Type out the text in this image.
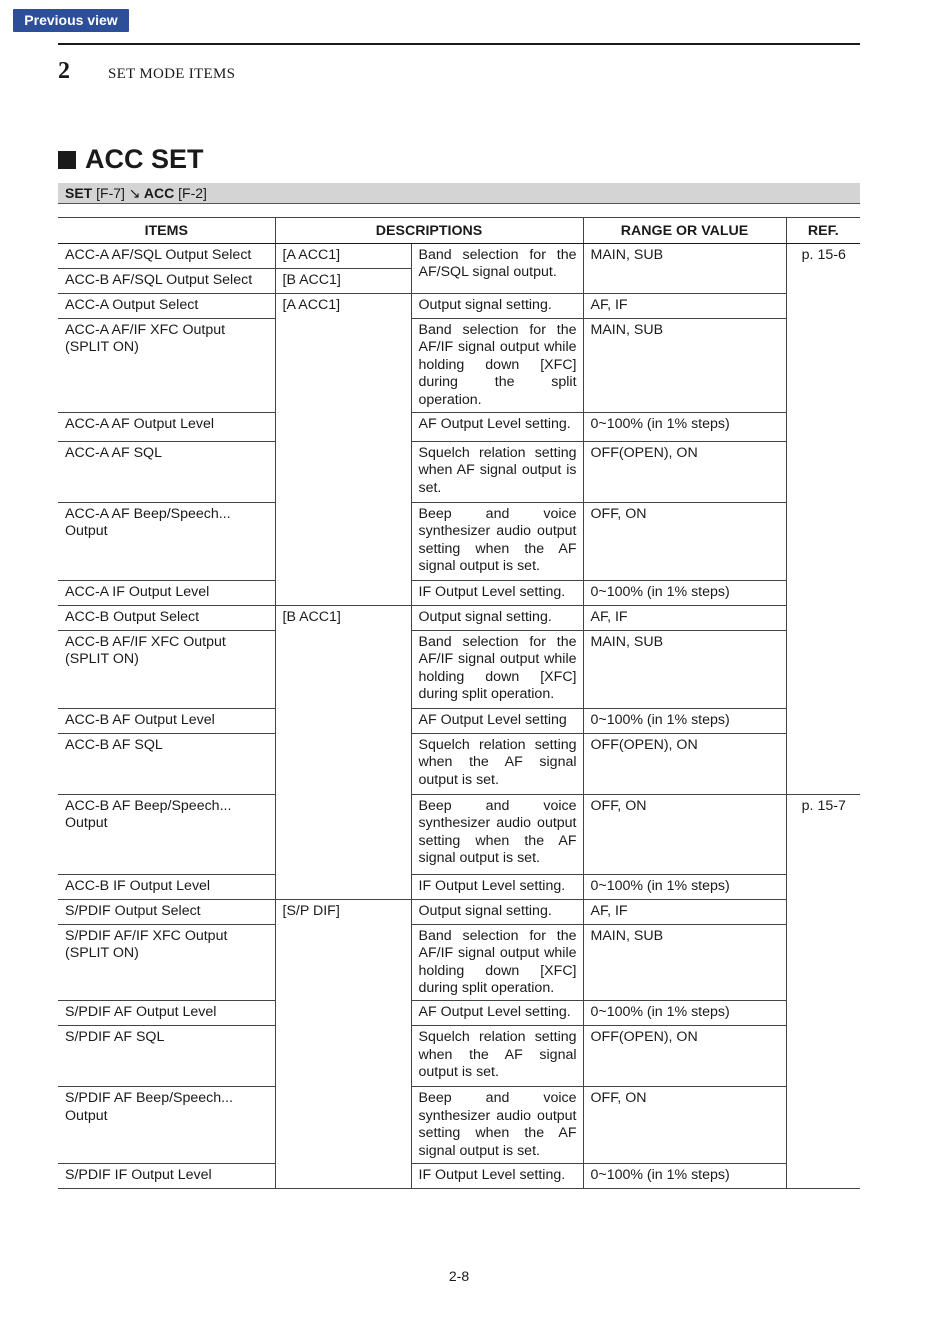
Previous view
2	SET MODE ITEMS
ACC SET
SET [F-7] ↘ ACC [F-2]
ITEMS	DESCRIPTIONS		RANGE OR VALUE	REF.
ACC-A AF/SQL Output Select	[A ACC1]	Band selection for the AF/SQL signal output.	MAIN, SUB	p. 15-6
ACC-B AF/SQL Output Select	[B ACC1]			
ACC-A Output Select	[A ACC1]	Output signal setting.	AF, IF	
ACC-A AF/IF XFC Output (SPLIT ON)		Band selection for the AF/IF signal output while holding down [XFC] during the split operation.	MAIN, SUB	
ACC-A AF Output Level		AF Output Level setting.	0~100% (in 1% steps)	
ACC-A AF SQL		Squelch relation setting when AF signal output is set.	OFF(OPEN), ON	
ACC-A AF Beep/Speech... Output		Beep and voice synthesizer audio output setting when the AF signal output is set.	OFF, ON	
ACC-A IF Output Level		IF Output Level setting.	0~100% (in 1% steps)	
ACC-B Output Select	[B ACC1]	Output signal setting.	AF, IF	
ACC-B AF/IF XFC Output (SPLIT ON)		Band selection for the AF/IF signal output while holding down [XFC] during split operation.	MAIN, SUB	
ACC-B AF Output Level		AF Output Level setting	0~100% (in 1% steps)	
ACC-B AF SQL		Squelch relation setting when the AF signal output is set.	OFF(OPEN), ON	
ACC-B AF Beep/Speech... Output		Beep and voice synthesizer audio output setting when the AF signal output is set.	OFF, ON	p. 15-7
ACC-B IF Output Level		IF Output Level setting.	0~100% (in 1% steps)	
S/PDIF Output Select	[S/P DIF]	Output signal setting.	AF, IF	
S/PDIF AF/IF XFC Output (SPLIT ON)		Band selection for the AF/IF signal output while holding down [XFC] during split operation.	MAIN, SUB	
S/PDIF AF Output Level		AF Output Level setting.	0~100% (in 1% steps)	
S/PDIF AF SQL		Squelch relation setting when the AF signal output is set.	OFF(OPEN), ON	
S/PDIF AF Beep/Speech... Output		Beep and voice synthesizer audio output setting when the AF signal output is set.	OFF, ON	
S/PDIF IF Output Level		IF Output Level setting.	0~100% (in 1% steps)	
2-8
